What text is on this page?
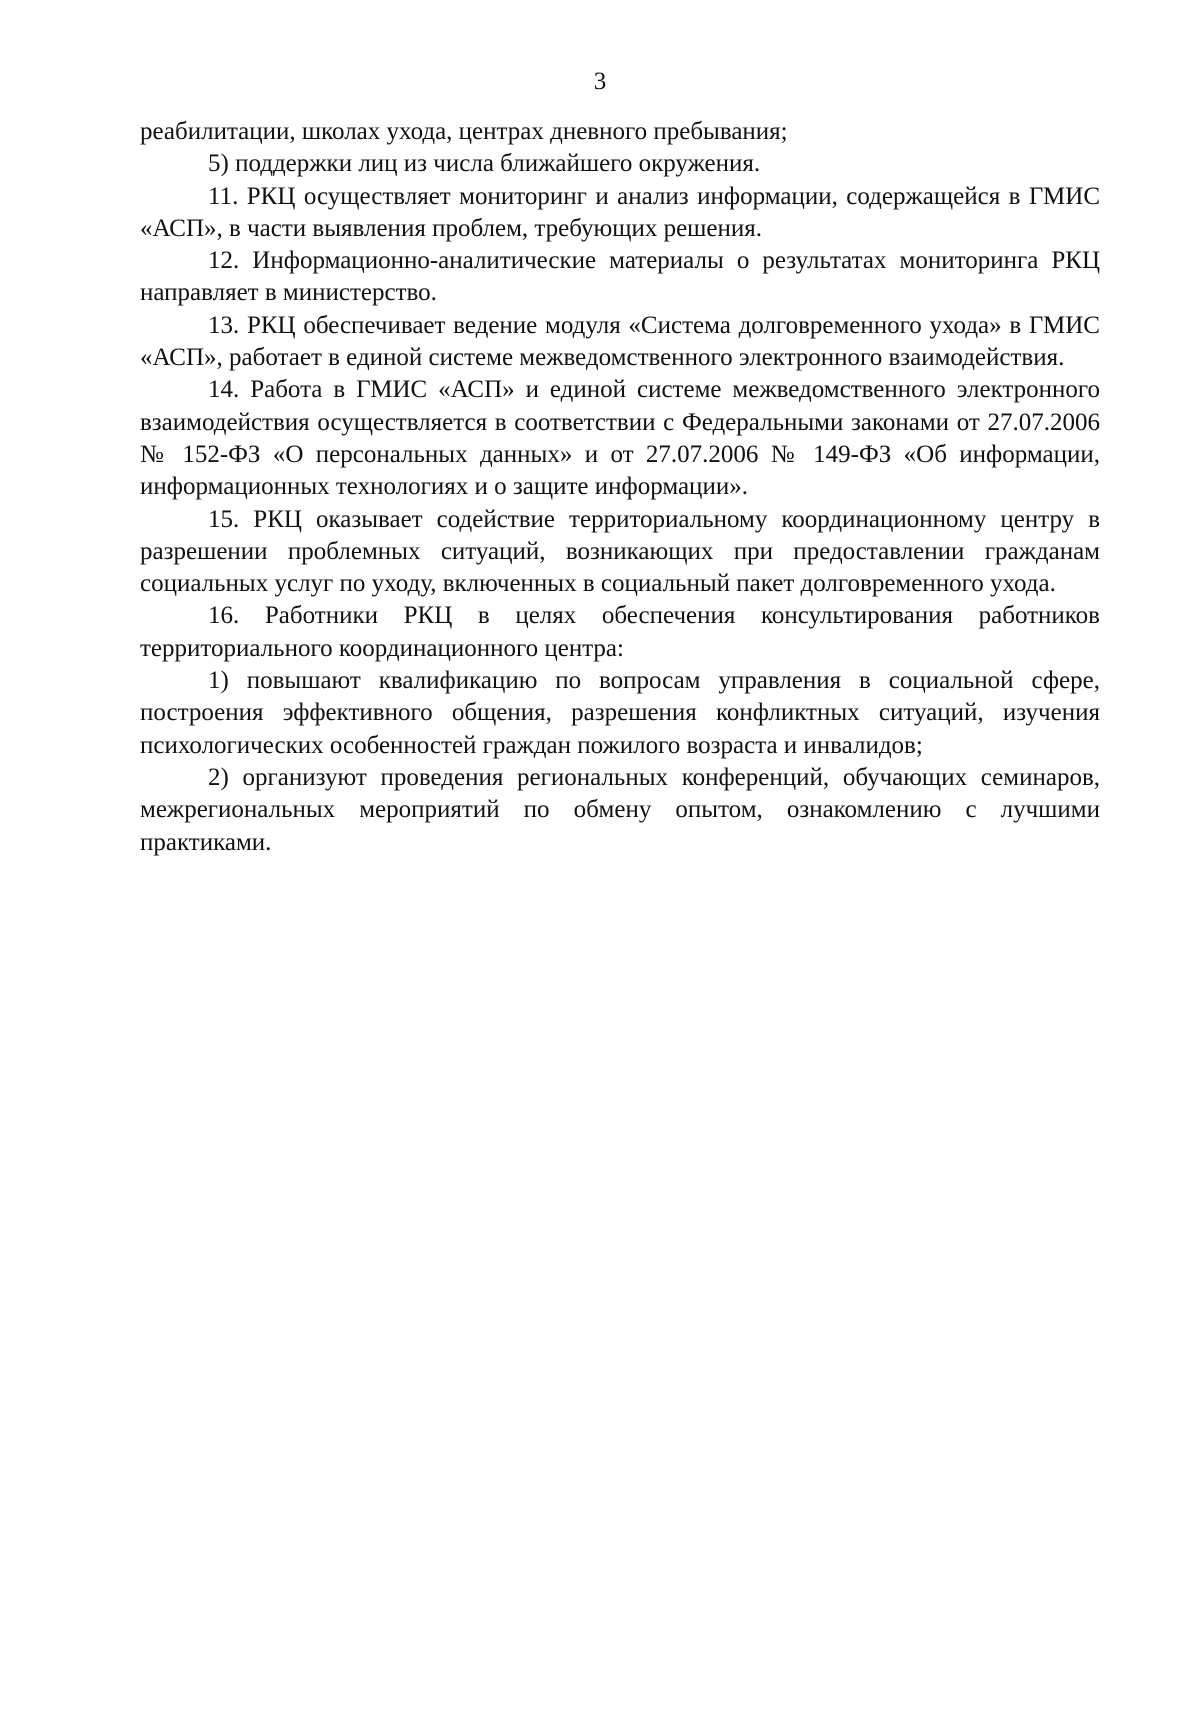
3

реабилитации, школах ухода, центрах дневного пребывания;

5) поддержки лиц из числа ближайшего окружения.

11. РКЦ осуществляет мониторинг и анализ информации, содержащейся в ГМИС «АСП», в части выявления проблем, требующих решения.

12. Информационно-аналитические материалы о результатах мониторинга РКЦ направляет в министерство.

13. РКЦ обеспечивает ведение модуля «Система долговременного ухода» в ГМИС «АСП», работает в единой системе межведомственного электронного взаимодействия.

14. Работа в ГМИС «АСП» и единой системе межведомственного электронного взаимодействия осуществляется в соответствии с Федеральными законами от 27.07.2006 № 152-ФЗ «О персональных данных» и от 27.07.2006 № 149-ФЗ «Об информации, информационных технологиях и о защите информации».

15. РКЦ оказывает содействие территориальному координационному центру в разрешении проблемных ситуаций, возникающих при предоставлении гражданам социальных услуг по уходу, включенных в социальный пакет долговременного ухода.

16. Работники РКЦ в целях обеспечения консультирования работников территориального координационного центра:

1) повышают квалификацию по вопросам управления в социальной сфере, построения эффективного общения, разрешения конфликтных ситуаций, изучения психологических особенностей граждан пожилого возраста и инвалидов;

2) организуют проведения региональных конференций, обучающих семинаров, межрегиональных мероприятий по обмену опытом, ознакомлению с лучшими практиками.
